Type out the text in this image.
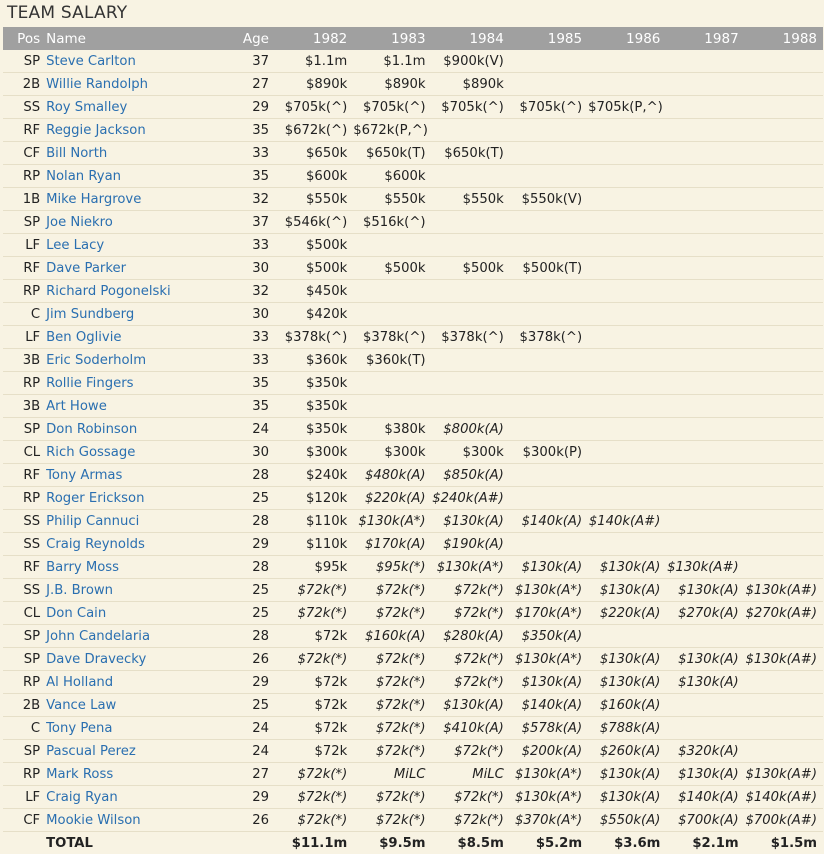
TEAM SALARY
Pos	Name	Age	1982	1983	1984	1985	1986	1987	1988
SP	Steve Carlton	37	$1.1m	$1.1m	$900k(V)				
2B	Willie Randolph	27	$890k	$890k	$890k				
SS	Roy Smalley	29	$705k(^)	$705k(^)	$705k(^)	$705k(^)	$705k(P,^)		
RF	Reggie Jackson	35	$672k(^)	$672k(P,^)					
CF	Bill North	33	$650k	$650k(T)	$650k(T)				
RP	Nolan Ryan	35	$600k	$600k					
1B	Mike Hargrove	32	$550k	$550k	$550k	$550k(V)			
SP	Joe Niekro	37	$546k(^)	$516k(^)					
LF	Lee Lacy	33	$500k						
RF	Dave Parker	30	$500k	$500k	$500k	$500k(T)			
RP	Richard Pogonelski	32	$450k						
C	Jim Sundberg	30	$420k						
LF	Ben Oglivie	33	$378k(^)	$378k(^)	$378k(^)	$378k(^)			
3B	Eric Soderholm	33	$360k	$360k(T)					
RP	Rollie Fingers	35	$350k						
3B	Art Howe	35	$350k						
SP	Don Robinson	24	$350k	$380k	$800k(A)				
CL	Rich Gossage	30	$300k	$300k	$300k	$300k(P)			
RF	Tony Armas	28	$240k	$480k(A)	$850k(A)				
RP	Roger Erickson	25	$120k	$220k(A)	$240k(A#)				
SS	Philip Cannuci	28	$110k	$130k(A*)	$130k(A)	$140k(A)	$140k(A#)		
SS	Craig Reynolds	29	$110k	$170k(A)	$190k(A)				
RF	Barry Moss	28	$95k	$95k(*)	$130k(A*)	$130k(A)	$130k(A)	$130k(A#)	
SS	J.B. Brown	25	$72k(*)	$72k(*)	$72k(*)	$130k(A*)	$130k(A)	$130k(A)	$130k(A#)
CL	Don Cain	25	$72k(*)	$72k(*)	$72k(*)	$170k(A*)	$220k(A)	$270k(A)	$270k(A#)
SP	John Candelaria	28	$72k	$160k(A)	$280k(A)	$350k(A)			
SP	Dave Dravecky	26	$72k(*)	$72k(*)	$72k(*)	$130k(A*)	$130k(A)	$130k(A)	$130k(A#)
RP	Al Holland	29	$72k	$72k(*)	$72k(*)	$130k(A)	$130k(A)	$130k(A)	
2B	Vance Law	25	$72k	$72k(*)	$130k(A)	$140k(A)	$160k(A)		
C	Tony Pena	24	$72k	$72k(*)	$410k(A)	$578k(A)	$788k(A)		
SP	Pascual Perez	24	$72k	$72k(*)	$72k(*)	$200k(A)	$260k(A)	$320k(A)	
RP	Mark Ross	27	$72k(*)	MiLC	MiLC	$130k(A*)	$130k(A)	$130k(A)	$130k(A#)
LF	Craig Ryan	29	$72k(*)	$72k(*)	$72k(*)	$130k(A*)	$130k(A)	$140k(A)	$140k(A#)
CF	Mookie Wilson	26	$72k(*)	$72k(*)	$72k(*)	$370k(A*)	$550k(A)	$700k(A)	$700k(A#)
	TOTAL		$11.1m	$9.5m	$8.5m	$5.2m	$3.6m	$2.1m	$1.5m
